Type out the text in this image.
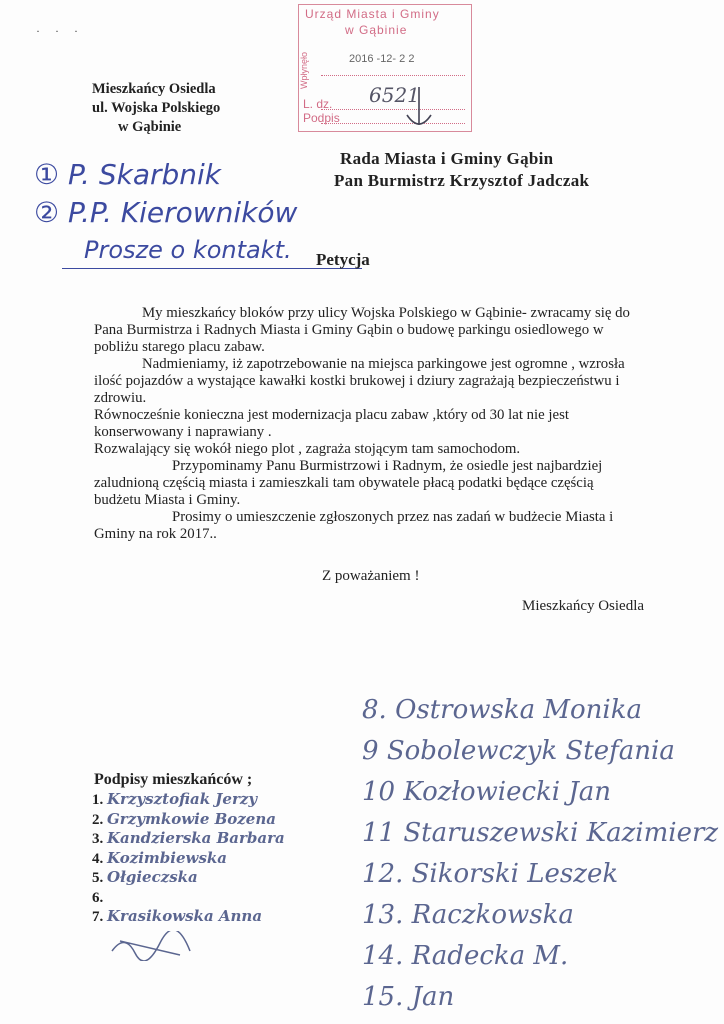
· · ·
Mieszkańcy Osiedla
ul. Wojska Polskiego
w Gąbinie
Urząd Miasta i Gminy
w Gąbinie
Wpłynęło	2016 -12- 2 2
L. dz. 6521
Podpis
Rada Miasta i Gminy Gąbin
Pan Burmistrz Krzysztof Jadczak
① P. Skarbnik
② P.P. Kierowników
Prosze o kontakt. Petycja

My mieszkańcy bloków przy ulicy Wojska Polskiego w Gąbinie- zwracamy się do Pana Burmistrza i Radnych Miasta i Gminy Gąbin o budowę parkingu osiedlowego w pobliżu starego placu zabaw.

Nadmieniamy, iż zapotrzebowanie na miejsca parkingowe jest ogromne , wzrosła ilość pojazdów a wystające kawałki kostki brukowej i dziury zagrażają bezpieczeństwu i zdrowiu.

Równocześnie konieczna jest modernizacja placu zabaw ,który od 30 lat nie jest konserwowany i naprawiany .

Rozwalający się wokół niego plot , zagraża stojącym tam samochodom.

Przypominamy Panu Burmistrzowi i Radnym, że osiedle jest najbardziej zaludnioną częścią miasta i zamieszkali tam obywatele płacą podatki będące częścią budżetu Miasta i Gminy.

Prosimy o umieszczenie zgłoszonych przez nas zadań w budżecie Miasta i Gminy na rok 2017..

Z poważaniem !
Mieszkańcy Osiedla
Podpisy mieszkańców ;
1. Krzysztofiak Jerzy
2. Grzymkowie Bozena
3. Kandzierska Barbara
4. Kozimbiewska
5. Ołgieczska
6.
7. Krasikowska Anna
8. Ostrowska Monika
9 Sobolewczyk Stefania
10 Kozłowiecki Jan
11 Staruszewski Kazimierz
12. Sikorski Leszek
13. Raczkowska
14. Radecka M.
15. Jan
